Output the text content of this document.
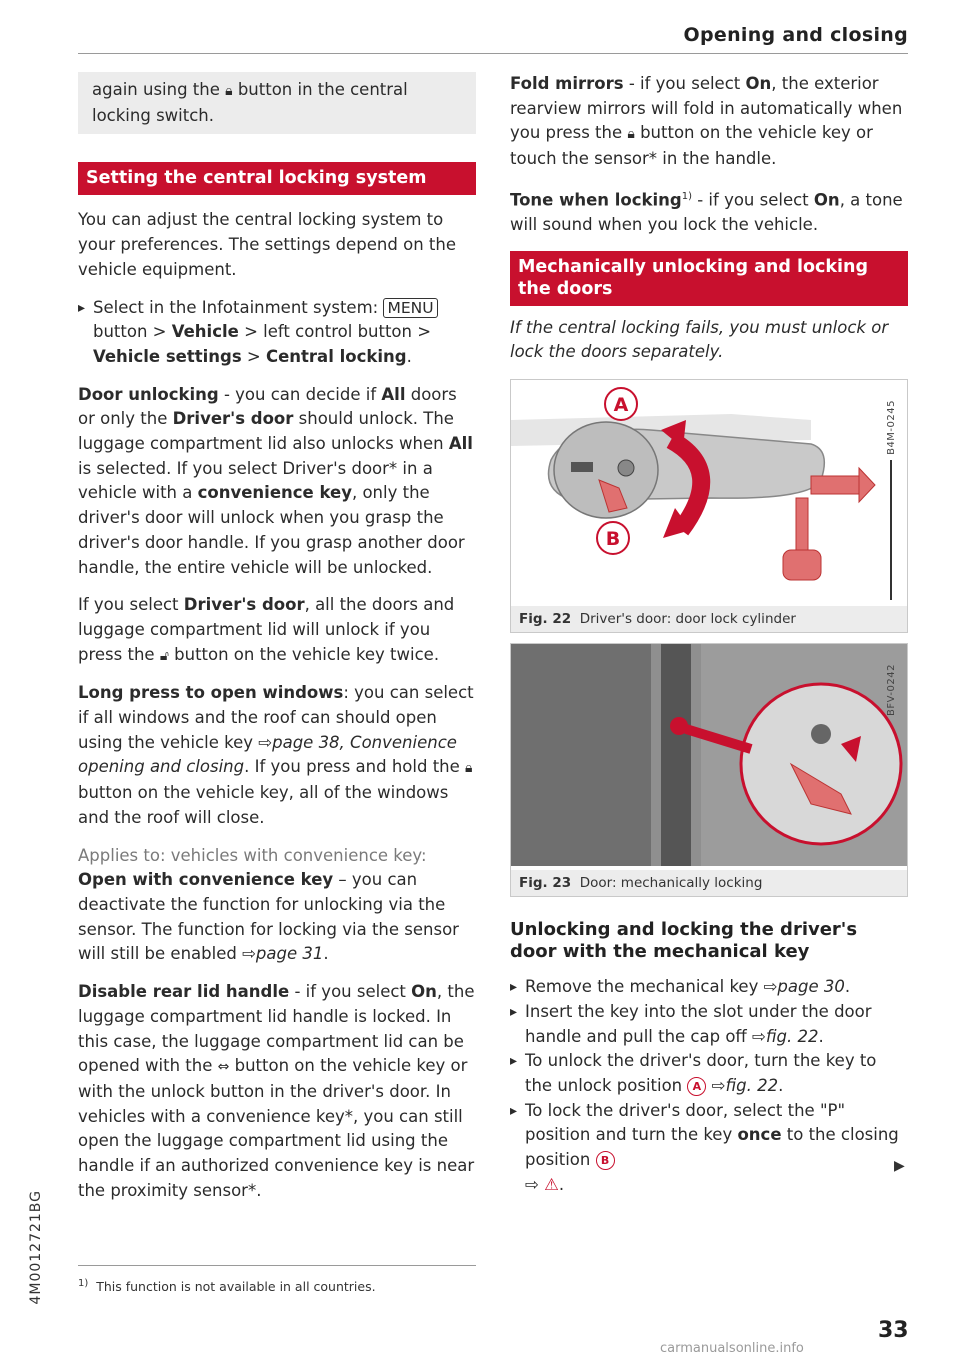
Opening and closing

again using the 🔒︎ button in the central locking switch.

Setting the central locking system

You can adjust the central locking system to your preferences. The settings depend on the vehicle equipment.

▸ Select in the Infotainment system: MENU button > Vehicle > left control button > Vehicle settings > Central locking.

Door unlocking - you can decide if All doors or only the Driver's door should unlock. The luggage compartment lid also unlocks when All is selected. If you select Driver's door* in a vehicle with a convenience key, only the driver's door will unlock when you grasp the driver's door handle. If you grasp another door handle, the entire vehicle will be unlocked.

If you select Driver's door, all the doors and luggage compartment lid will unlock if you press the 🔓︎ button on the vehicle key twice.

Long press to open windows: you can select if all windows and the roof can should open using the vehicle key ⇨page 38, Convenience opening and closing. If you press and hold the 🔒︎ button on the vehicle key, all of the windows and the roof will close.

Applies to: vehicles with convenience key: Open with convenience key – you can deactivate the function for unlocking via the sensor. The function for locking via the sensor will still be enabled ⇨page 31.

Disable rear lid handle - if you select On, the luggage compartment lid handle is locked. In this case, the luggage compartment lid can be opened with the ⇔ button on the vehicle key or with the unlock button in the driver's door. In vehicles with a convenience key*, you can still open the luggage compartment lid using the handle if an authorized convenience key is near the proximity sensor*.

$^{1)}$ This function is not available in all countries.

Fold mirrors - if you select On, the exterior rearview mirrors will fold in automatically when you press the 🔒︎ button on the vehicle key or touch the sensor* in the handle.

Tone when locking$^{1)}$ - if you select On, a tone will sound when you lock the vehicle.

Mechanically unlocking and locking the doors

If the central locking fails, you must unlock or lock the doors separately.

A
B
B4M-0245
Fig. 22 Driver's door: door lock cylinder
BFV-0242
Fig. 23 Door: mechanically locking
Unlocking and locking the driver's door with the mechanical key

▸ Remove the mechanical key ⇨page 30.

▸ Insert the key into the slot under the door handle and pull the cap off ⇨fig. 22.

▸ To unlock the driver's door, turn the key to the unlock position A ⇨fig. 22.

▸ To lock the driver's door, select the "P" position and turn the key once to the closing position B
⇨ ⚠.

▶
4M0012721BG
33
carmanualsonline.info
